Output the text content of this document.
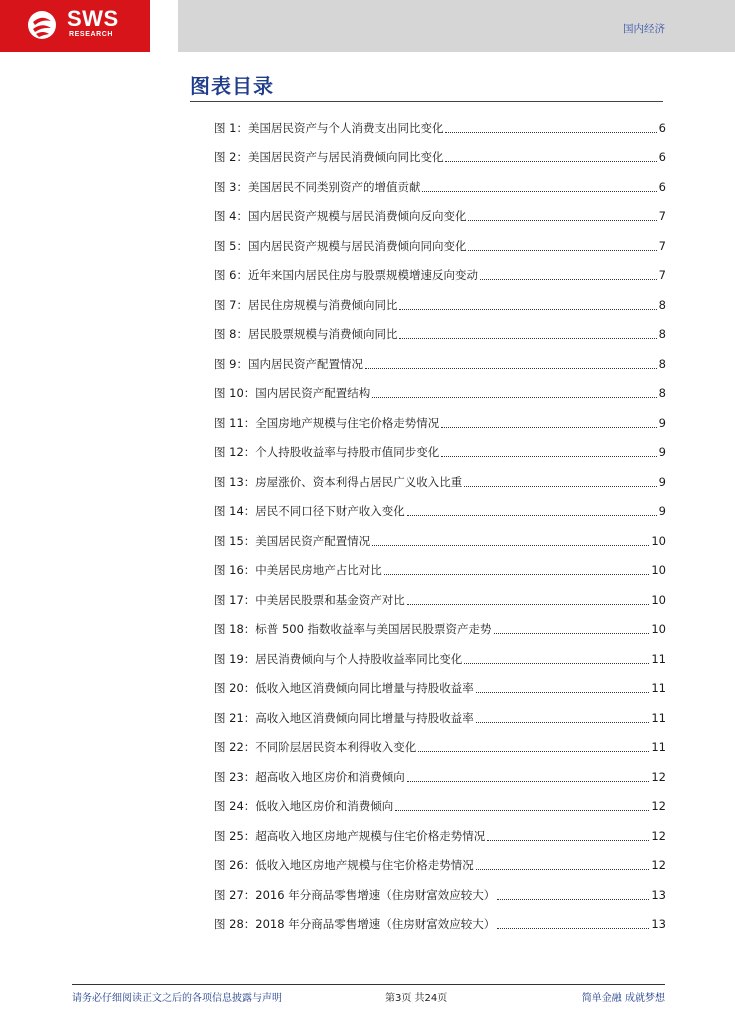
SWS
RESEARCH	国内经济
图表目录
图 1：美国居民资产与个人消费支出同比变化	6
图 2：美国居民资产与居民消费倾向同比变化	6
图 3：美国居民不同类别资产的增值贡献	6
图 4：国内居民资产规模与居民消费倾向反向变化	7
图 5：国内居民资产规模与居民消费倾向同向变化	7
图 6：近年来国内居民住房与股票规模增速反向变动	7
图 7：居民住房规模与消费倾向同比	8
图 8：居民股票规模与消费倾向同比	8
图 9：国内居民资产配置情况	8
图 10：国内居民资产配置结构	8
图 11：全国房地产规模与住宅价格走势情况	9
图 12：个人持股收益率与持股市值同步变化	9
图 13：房屋涨价、资本利得占居民广义收入比重	9
图 14：居民不同口径下财产收入变化	9
图 15：美国居民资产配置情况	10
图 16：中美居民房地产占比对比	10
图 17：中美居民股票和基金资产对比	10
图 18：标普 500 指数收益率与美国居民股票资产走势	10
图 19：居民消费倾向与个人持股收益率同比变化	11
图 20：低收入地区消费倾向同比增量与持股收益率	11
图 21：高收入地区消费倾向同比增量与持股收益率	11
图 22：不同阶层居民资本利得收入变化	11
图 23：超高收入地区房价和消费倾向	12
图 24：低收入地区房价和消费倾向	12
图 25：超高收入地区房地产规模与住宅价格走势情况	12
图 26：低收入地区房地产规模与住宅价格走势情况	12
图 27：2016 年分商品零售增速（住房财富效应较大）	13
图 28：2018 年分商品零售增速（住房财富效应较大）	13
请务必仔细阅读正文之后的各项信息披露与声明	第3页 共24页	简单金融 成就梦想
